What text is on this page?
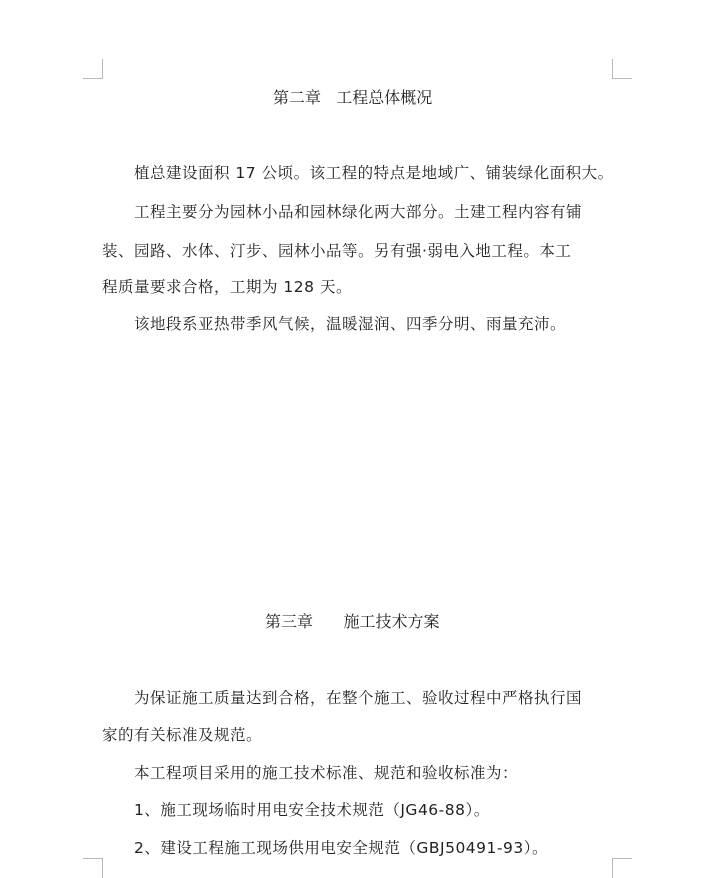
第二章   工程总体概况
植总建设面积 17 公顷。该工程的特点是地域广、铺装绿化面积大。
工程主要分为园林小品和园林绿化两大部分。土建工程内容有铺
装、园路、水体、汀步、园林小品等。另有强·弱电入地工程。本工
程质量要求合格，工期为 128 天。
该地段系亚热带季风气候，温暖湿润、四季分明、雨量充沛。
第三章      施工技术方案
为保证施工质量达到合格，在整个施工、验收过程中严格执行国
家的有关标准及规范。
本工程项目采用的施工技术标准、规范和验收标准为：
1、施工现场临时用电安全技术规范（JG46-88）。
2、建设工程施工现场供用电安全规范（GBJ50491-93）。
